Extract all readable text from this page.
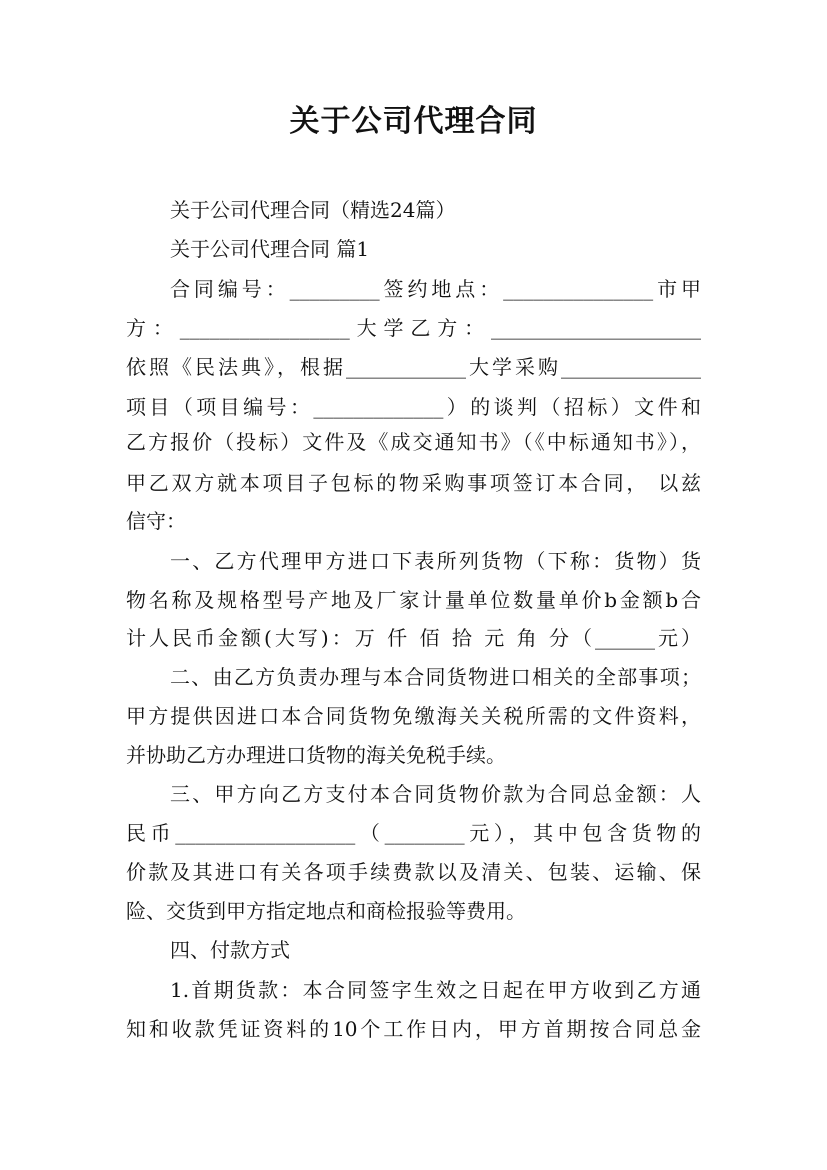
关于公司代理合同
关于公司代理合同（精选24篇）
关于公司代理合同 篇1
合同编号：_________签约地点：_______________市甲
方：_________________大学乙方：_____________________
依照《民法典》，根据____________大学采购______________
项目（项目编号：_____________）的谈判（招标）文件和
乙方报价（投标）文件及《成交通知书》（《中标通知书》），
甲乙双方就本项目子包标的物采购事项签订本合同， 以兹
信守：
一、乙方代理甲方进口下表所列货物（下称：货物）货
物名称及规格型号产地及厂家计量单位数量单价b金额b合
计人民币金额(大写)：万 仟 佰 拾 元 角 分（______元）
二、由乙方负责办理与本合同货物进口相关的全部事项；
甲方提供因进口本合同货物免缴海关关税所需的文件资料，
并协助乙方办理进口货物的海关免税手续。
三、甲方向乙方支付本合同货物价款为合同总金额：人
民币__________________（________元），其中包含货物的
价款及其进口有关各项手续费款以及清关、包装、运输、保
险、交货到甲方指定地点和商检报验等费用。
四、付款方式
1.首期货款：本合同签字生效之日起在甲方收到乙方通
知和收款凭证资料的10个工作日内，甲方首期按合同总金
